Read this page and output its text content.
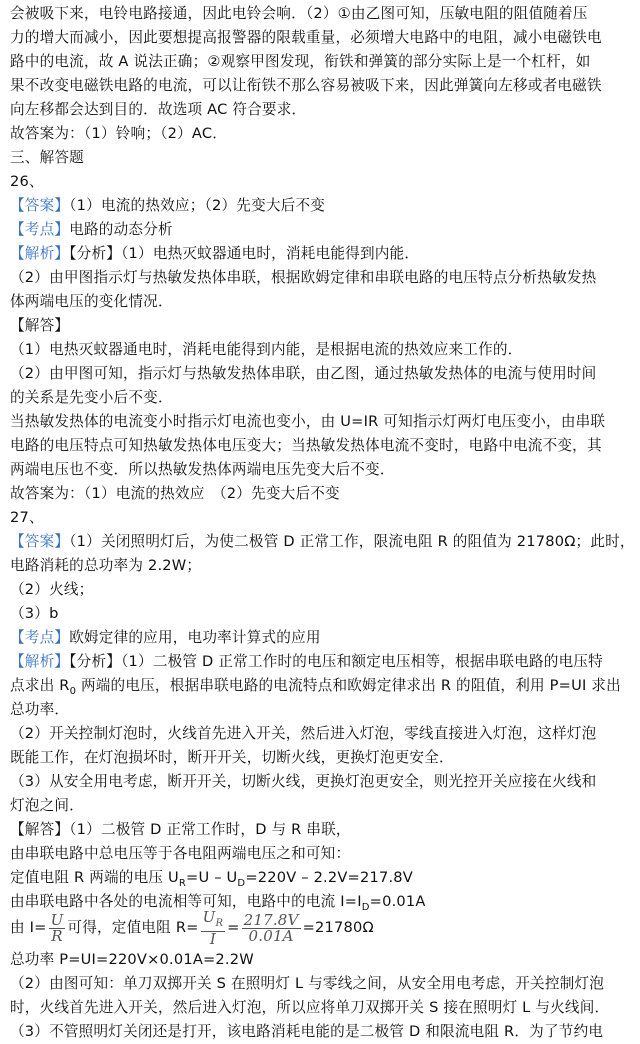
会被吸下来，电铃电路接通，因此电铃会响．（2）①由乙图可知，压敏电阻的阻值随着压
力的增大而减小，因此要想提高报警器的限载重量，必须增大电路中的电阻，减小电磁铁电
路中的电流，故 A 说法正确；②观察甲图发现，衔铁和弹簧的部分实际上是一个杠杆，如
果不改变电磁铁电路的电流，可以让衔铁不那么容易被吸下来，因此弹簧向左移或者电磁铁
向左移都会达到目的．故选项 AC 符合要求．
故答案为：（1）铃响；（2）AC．
三、解答题
26、
【答案】（1）电流的热效应；（2）先变大后不变
【考点】电路的动态分析
【解析】【分析】（1）电热灭蚊器通电时，消耗电能得到内能．
（2）由甲图指示灯与热敏发热体串联，根据欧姆定律和串联电路的电压特点分析热敏发热
体两端电压的变化情况．
【解答】
（1）电热灭蚊器通电时，消耗电能得到内能，是根据电流的热效应来工作的．
（2）由甲图可知，指示灯与热敏发热体串联，由乙图，通过热敏发热体的电流与使用时间
的关系是先变小后不变．
当热敏发热体的电流变小时指示灯电流也变小，由 U=IR 可知指示灯两灯电压变小，由串联
电路的电压特点可知热敏发热体电压变大；当热敏发热体电流不变时，电路中电流不变，其
两端电压也不变．所以热敏发热体两端电压先变大后不变．
故答案为：（1）电流的热效应　（2）先变大后不变
27、
【答案】（1）关闭照明灯后，为使二极管 D 正常工作，限流电阻 R 的阻值为 21780Ω；此时，
电路消耗的总功率为 2.2W；
（2）火线；
（3）b
【考点】欧姆定律的应用，电功率计算式的应用
【解析】【分析】（1）二极管 D 正常工作时的电压和额定电压相等，根据串联电路的电压特
点求出 $R_0$ 两端的电压，根据串联电路的电流特点和欧姆定律求出 R 的阻值，利用 P=UI 求出
总功率．
（2）开关控制灯泡时，火线首先进入开关，然后进入灯泡，零线直接进入灯泡，这样灯泡
既能工作，在灯泡损坏时，断开开关，切断火线，更换灯泡更安全．
（3）从安全用电考虑，断开开关，切断火线，更换灯泡更安全，则光控开关应接在火线和
灯泡之间．
【解答】（1）二极管 D 正常工作时，D 与 R 串联，
由串联电路中总电压等于各电阻两端电压之和可知：
定值电阻 R 两端的电压 $U_R=U - U_D=220V - 2.2V=217.8V$
由串联电路中各处的电流相等可知，电路中的电流 $I=I_D=0.01A$
由 $I= \frac{U}{R}$ 可得，定值电阻 $R= \frac{U_R}{I} = \frac{217.8V}{0.01A} =21780\Omega$
总功率 P=UI=220V×0.01A=2.2W
（2）由图可知：单刀双掷开关 S 在照明灯 L 与零线之间，从安全用电考虑，开关控制灯泡
时，火线首先进入开关，然后进入灯泡，所以应将单刀双掷开关 S 接在照明灯 L 与火线间．
（3）不管照明灯关闭还是打开，该电路消耗电能的是二极管 D 和限流电阻 R．为了节约电
